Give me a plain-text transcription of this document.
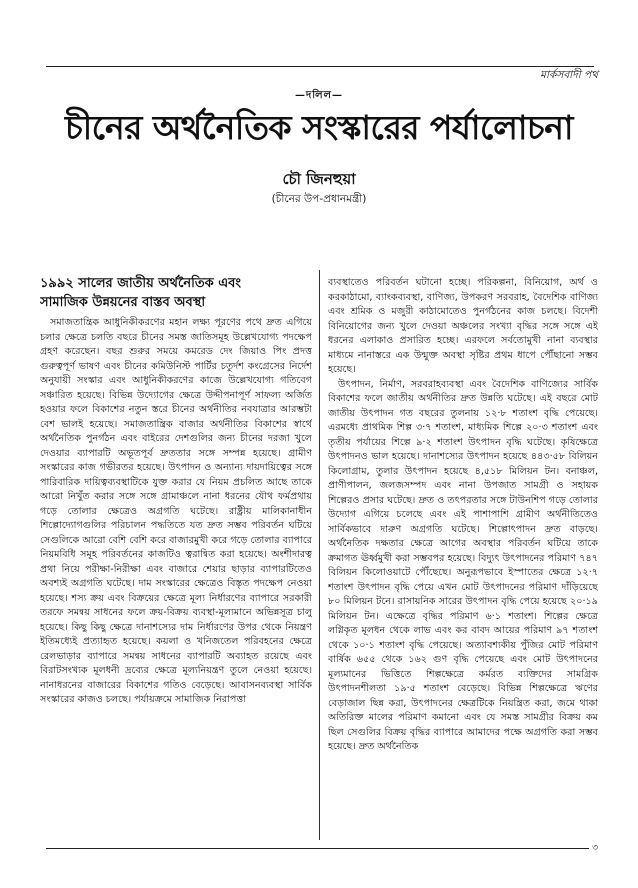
মার্কসবাদী পথ
—দলিল—
চীনের অর্থনৈতিক সংস্কারের পর্যালোচনা
চৌ জিনহুয়া
(চীনের উপ-প্রধানমন্ত্রী)
১৯৯২ সালের জাতীয় অর্থনৈতিক এবং
সামাজিক উন্নয়নের বাস্তব অবস্থা

সমাজতান্ত্রিক আধুনিকীকরণের মহান লক্ষ্য পূরণের পথে দ্রুত এগিয়ে চলার ক্ষেত্রে চলতি বছরে চীনের সমস্ত জাতিসমূহ উল্লেখযোগ্য পদক্ষেপ গ্রহণ করেছেন। বছর শুরুর সময়ে কমরেড দেং জিয়াও পিং প্রদত্ত গুরুত্বপূর্ণ ভাষণ এবং চীনের কমিউনিস্ট পার্টির চতুর্দশ কংগ্রেসের নির্দেশ অনুযায়ী সংস্কার এবং আধুনিকীকরণের কাজে উল্লেখযোগ্য গতিবেগ সঞ্চারিত হয়েছে। বিভিন্ন উদ্যোগের ক্ষেত্রে উদ্দীপনাপূর্ণ সাফল্য অর্জিত হওয়ার ফলে বিকাশের নতুন স্তরে চীনের অর্থনীতির নবযাত্রার আরম্ভটা বেশ ভালই হয়েছে। সমাজতান্ত্রিক বাজার অর্থনীতির বিকাশের স্বার্থে অর্থনৈতিক পুনর্গঠন এবং বাইরের দেশগুলির জন্য চীনের দরজা খুলে দেওয়ার ব্যাপারটি অভূতপূর্ব দ্রুততার সঙ্গে সম্পন্ন হয়েছে। গ্রামীণ সংস্কারের কাজ গভীরতর হয়েছে। উৎপাদন ও অন্যান্য দায়দায়িত্বের সঙ্গে পারিবারিক দায়িত্বব্যবস্থাটিকে যুক্ত করার যে নিয়ম প্রচলিত আছে তাকে আরো নিখুঁত করার সঙ্গে সঙ্গে গ্রামাঞ্চলে নানা ধরনের যৌথ ফর্মপ্রথায় গড়ে তোলার ক্ষেত্রেও অগ্রগতি ঘটেছে। রাষ্ট্রীয় মালিকানাধীন শিল্পোদ্যোগগুলির পরিচালন পদ্ধতিতে যত দ্রুত সম্ভব পরিবর্তন ঘটিয়ে সেগুলিকে আরো বেশি বেশি করে বাজারমুখী করে গড়ে তোলার ব্যাপারে নিয়মবিধি সমূহ পরিবর্তনের কাজটিও ত্বরান্বিত করা হয়েছে। অংশীদারত্ব প্রথা নিয়ে পরীক্ষা-নিরীক্ষা এবং বাজারে শেয়ার ছাড়ার ব্যাপারটিতেও অবশ্যই অগ্রগতি ঘটেছে। দাম সংস্কারের ক্ষেত্রেও বিস্তৃত পদক্ষেপ নেওয়া হয়েছে। শস্য ক্রয় এবং বিক্রয়ের ক্ষেত্রে মূল্য নির্ধারণের ব্যাপারে সরকারী তরফে সমন্বয় সাধনের ফলে ক্রয়-বিক্রয় ব্যবস্থা-মূল্যমানে অভিন্নসূত্র চালু হয়েছে। কিছু কিছু ক্ষেত্রে দানাশস্যের দাম নির্ধারণের উপর থেকে নিয়ন্ত্রণ ইতিমধ্যেই প্রত্যাহৃত হয়েছে। কয়লা ও খনিজতেল পরিবহনের ক্ষেত্রে রেলভাড়ার ব্যাপারে সমন্বয় সাধনের ব্যাপারটি অব্যাহত রয়েছে এবং বিরাটসংখ্যক মূলধনী দ্রব্যের ক্ষেত্রে মূল্যনিয়ন্ত্রণ তুলে নেওয়া হয়েছে। নানাধরনের বাজারের বিকাশের গতিও বেড়েছে। আবাসনব্যবস্থা সার্বিক সংস্কারের কাজও চলছে। পর্যায়ক্রমে সামাজিক নিরাপত্তা

ব্যবস্থাতেও পরিবর্তন ঘটানো হচ্ছে। পরিকল্পনা, বিনিয়োগ, অর্থ ও করকাঠামো, ব্যাংকব্যবস্থা, বাণিজ্য, উপকরণ সরবরাহ, বৈদেশিক বাণিজ্য এবং শ্রমিক ও মজুরী কাঠামোতেও পুনর্গঠনের কাজ চলছে। বিদেশী বিনিয়োগের জন্য খুলে দেওয়া অঞ্চলের সংখ্যা বৃদ্ধির সঙ্গে সঙ্গে এই ধরনের এলাকাও প্রসারিত হচ্ছে। এরফলে সর্বতোমুখী নানা ব্যবস্থার মাধ্যমে নানাস্তরে এক উন্মুক্ত অবস্থা সৃষ্টির প্রথম ধাপে পৌঁছানো সম্ভব হয়েছে।

উৎপাদন, নির্মাণ, সরবরাহব্যবস্থা এবং বৈদেশিক বাণিজ্যের সার্বিক বিকাশের ফলে জাতীয় অর্থনীতির দ্রুত উন্নতি ঘটেছে। এই বছরে মোট জাতীয় উৎপাদন গত বছরের তুলনায় ১২·৮ শতাংশ বৃদ্ধি পেয়েছে। এরমধ্যে প্রাথমিক শিল্প ৩·৭ শতাংশ, মাধ্যমিক শিল্পে ২০·৩ শতাংশ এবং তৃতীয় পর্যায়ের শিল্পে ৯·২ শতাংশ উৎপাদন বৃদ্ধি ঘটেছে। কৃষিক্ষেত্রে উৎপাদনও ভাল হয়েছে। দানাশস্যের উৎপাদন হয়েছে ৪৪৩·৫৮ বিলিয়ন কিলোগ্রাম, তুলার উৎপাদন হয়েছে ৪,৫১৮ মিলিয়ন টন। বনাঞ্চল, প্রাণীপালন, জলজসম্পদ এবং নানা উপজাত সামগ্রী ও সহায়ক শিল্পেরও প্রসার ঘটেছে। দ্রুত ও তৎপরতার সঙ্গে টাউনশিপ গড়ে তোলার উদ্যোগ এগিয়ে চলেছে এবং এই পাশাপাশি গ্রামীণ অর্থনীতিতেও সার্বিকভাবে দারুণ অগ্রগতি ঘটেছে। শিল্পোৎপাদন দ্রুত বাড়ছে। অর্থনৈতিক দক্ষতার ক্ষেত্রে আগের অবস্থার পরিবর্তন ঘটিয়ে তাকে ক্রমাগত ঊর্ধ্বমুখী করা সম্ভবপর হয়েছে। বিদ্যুৎ উৎপাদনের পরিমাণ ৭৪৭ বিলিয়ন কিলোওয়াটে পৌঁছেছে। অনুরূপভাবে ইস্পাতের ক্ষেত্রে ১২·৭ শতাংশ উৎপাদন বৃদ্ধি পেয়ে এখন মোট উৎপাদনের পরিমাণ দাঁড়িয়েছে ৮০ মিলিয়ন টনে। রাসায়নিক সারের উৎপাদন বৃদ্ধি পেয়ে হয়েছে ২০·১৯ মিলিয়ন টন। এক্ষেত্রে বৃদ্ধির পরিমাণ ৬·১ শতাংশ। শিল্পের ক্ষেত্রে লগ্নিকৃত মূলধন থেকে লাভ এবং কর বাবদ আয়ের পরিমাণ ৯৭ শতাংশ থেকে ১০·১ শতাংশ বৃদ্ধি পেয়েছে। অত্যাবশ্যকীয় পুঁজির মোট পরিমাণ বার্ষিক ৬৫৫ থেকে ১৬২ গুণ বৃদ্ধি পেয়েছে এবং মোট উৎপাদনের মূল্যমানের ভিত্তিতে শিল্পক্ষেত্রে কর্মরত ব্যক্তিদের সামগ্রিক উৎপাদনশীলতা ১৯·৫ শতাংশ বেড়েছে। বিভিন্ন শিল্পক্ষেত্রে ঋণের বেড়াজাল ছিন্ন করা, উৎপাদনের ক্ষেত্রটিকে নিয়ন্ত্রিত করা, জমে থাকা অতিরিক্ত মালের পরিমাণ কমানো এবং যে সমস্ত সামগ্রীর বিক্রয় কম ছিল সেগুলির বিক্রয় বৃদ্ধির ব্যাপারে আমাদের পক্ষে অগ্রগতি করা সম্ভব হয়েছে। দ্রুত অর্থনৈতিক

৩
